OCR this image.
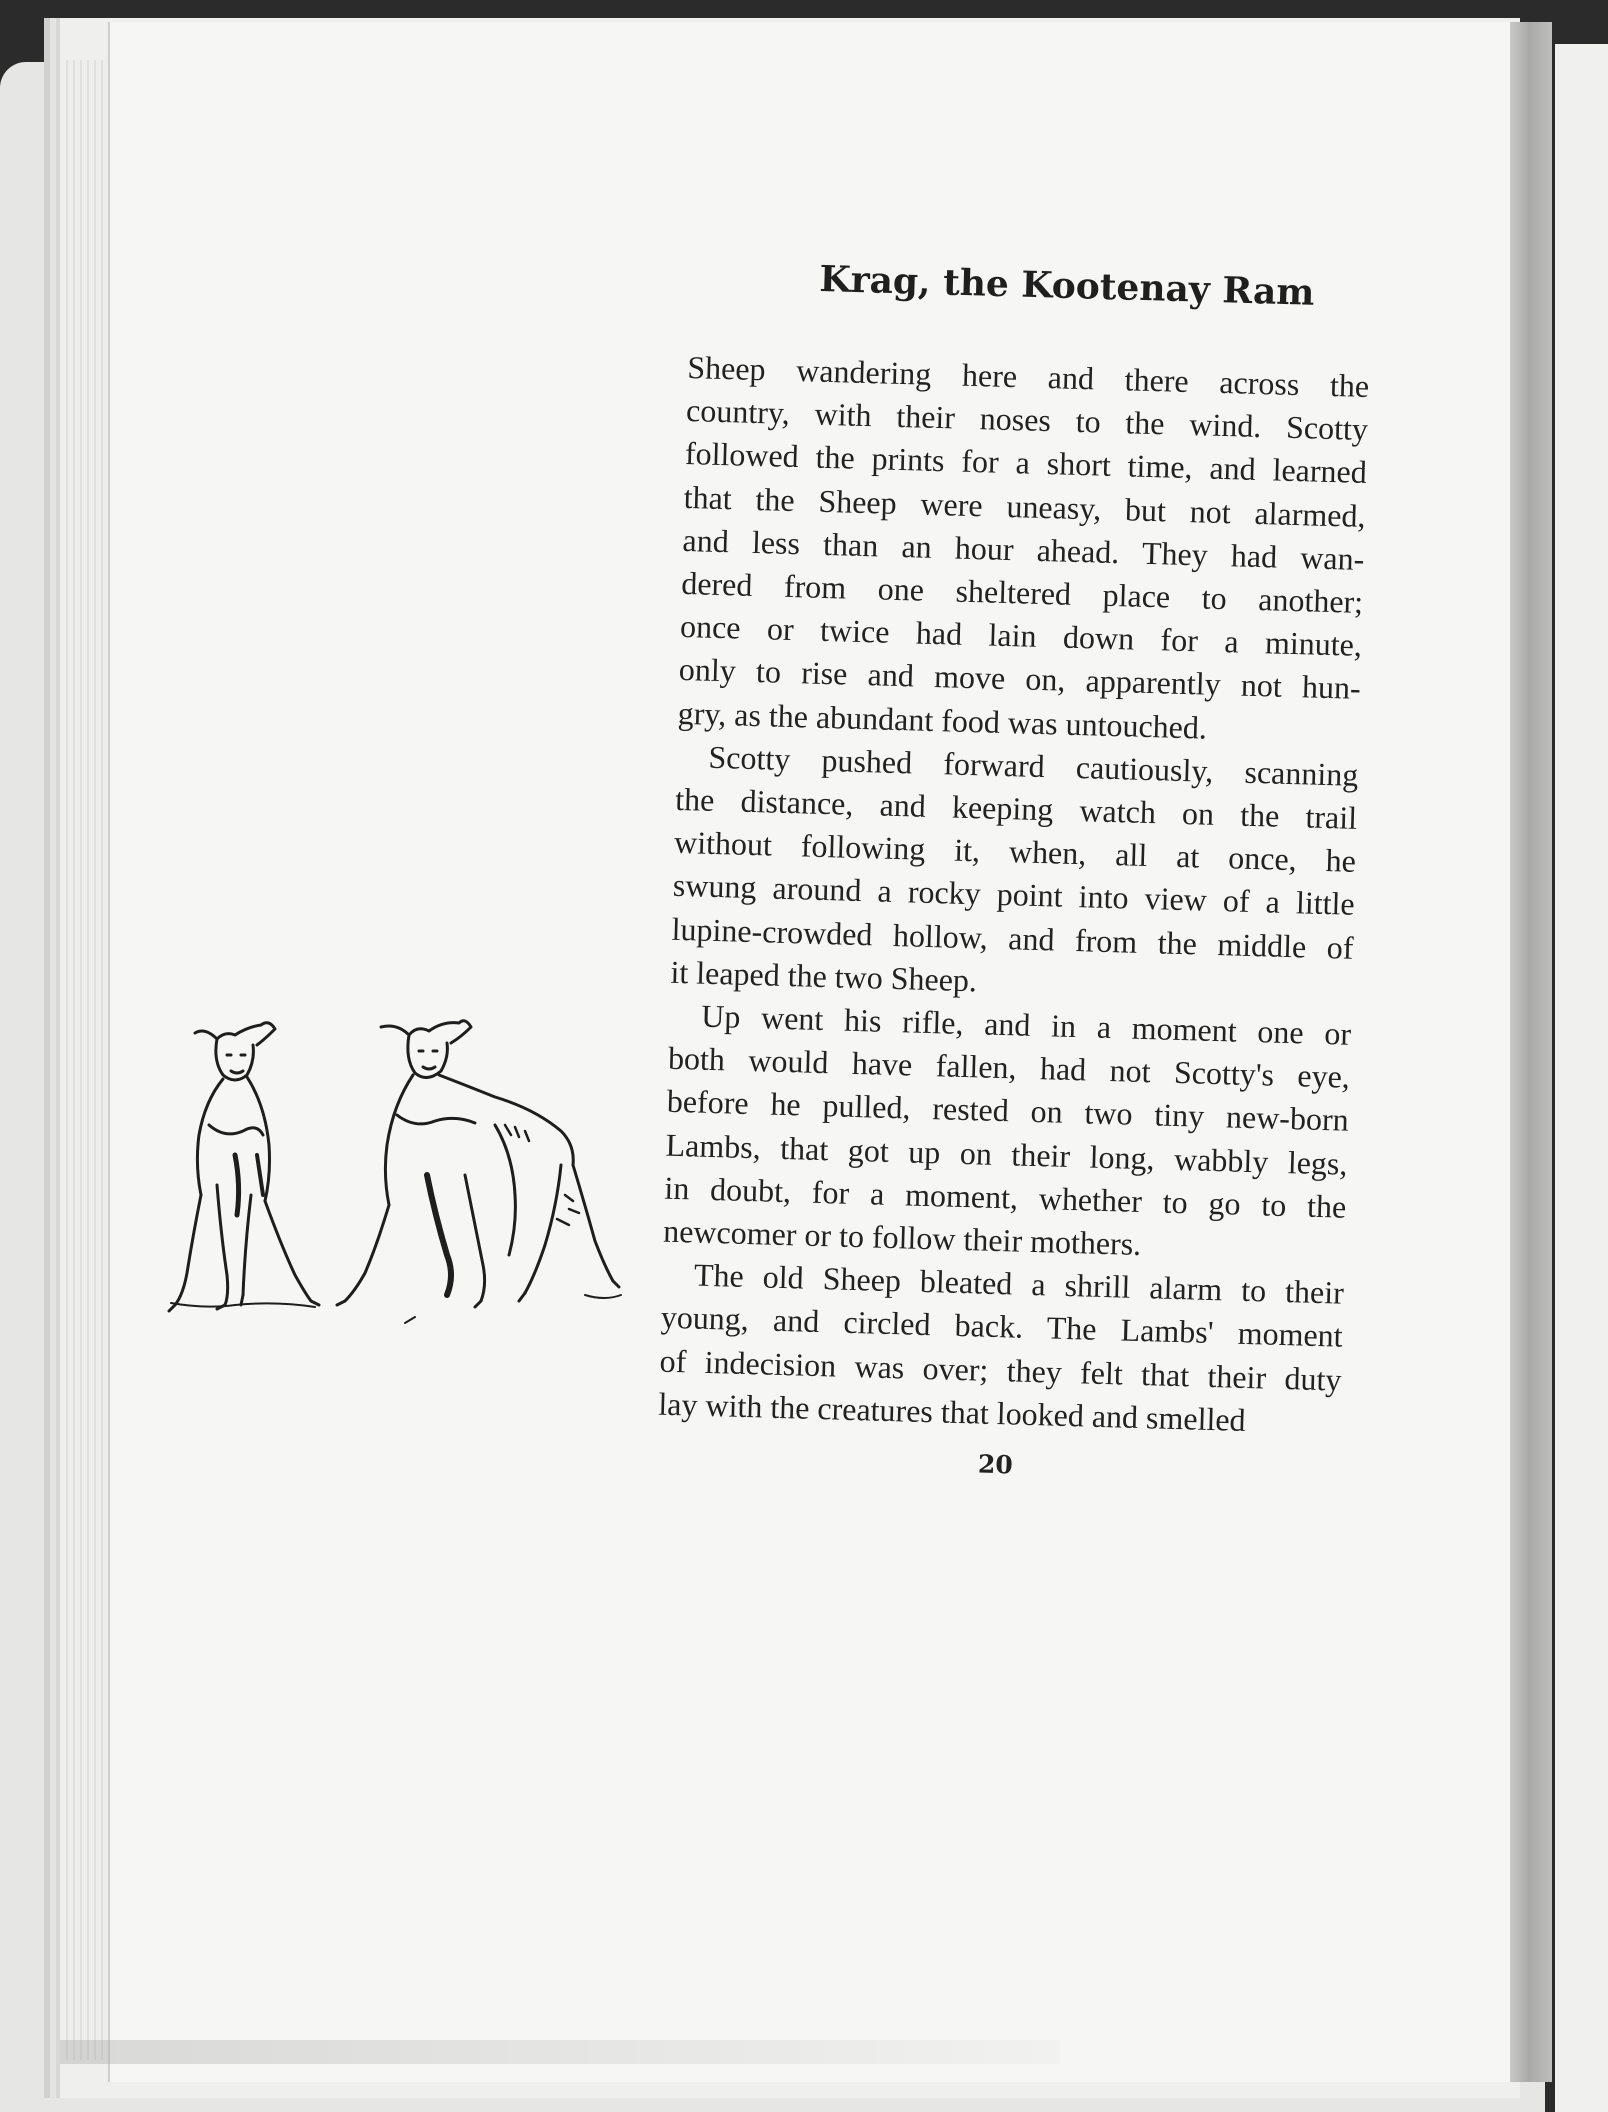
Krag, the Kootenay Ram
Sheep wandering here and there across the
country, with their noses to the wind. Scotty
followed the prints for a short time, and learned
that the Sheep were uneasy, but not alarmed,
and less than an hour ahead. They had wan-
dered from one sheltered place to another;
once or twice had lain down for a minute,
only to rise and move on, apparently not hun-
gry, as the abundant food was untouched.
Scotty pushed forward cautiously, scanning
the distance, and keeping watch on the trail
without following it, when, all at once, he
swung around a rocky point into view of a little
lupine-crowded hollow, and from the middle of
it leaped the two Sheep.
Up went his rifle, and in a moment one or
both would have fallen, had not Scotty's eye,
before he pulled, rested on two tiny new-born
Lambs, that got up on their long, wabbly legs,
in doubt, for a moment, whether to go to the
newcomer or to follow their mothers.
The old Sheep bleated a shrill alarm to their
young, and circled back. The Lambs' moment
of indecision was over; they felt that their duty
lay with the creatures that looked and smelled
20
